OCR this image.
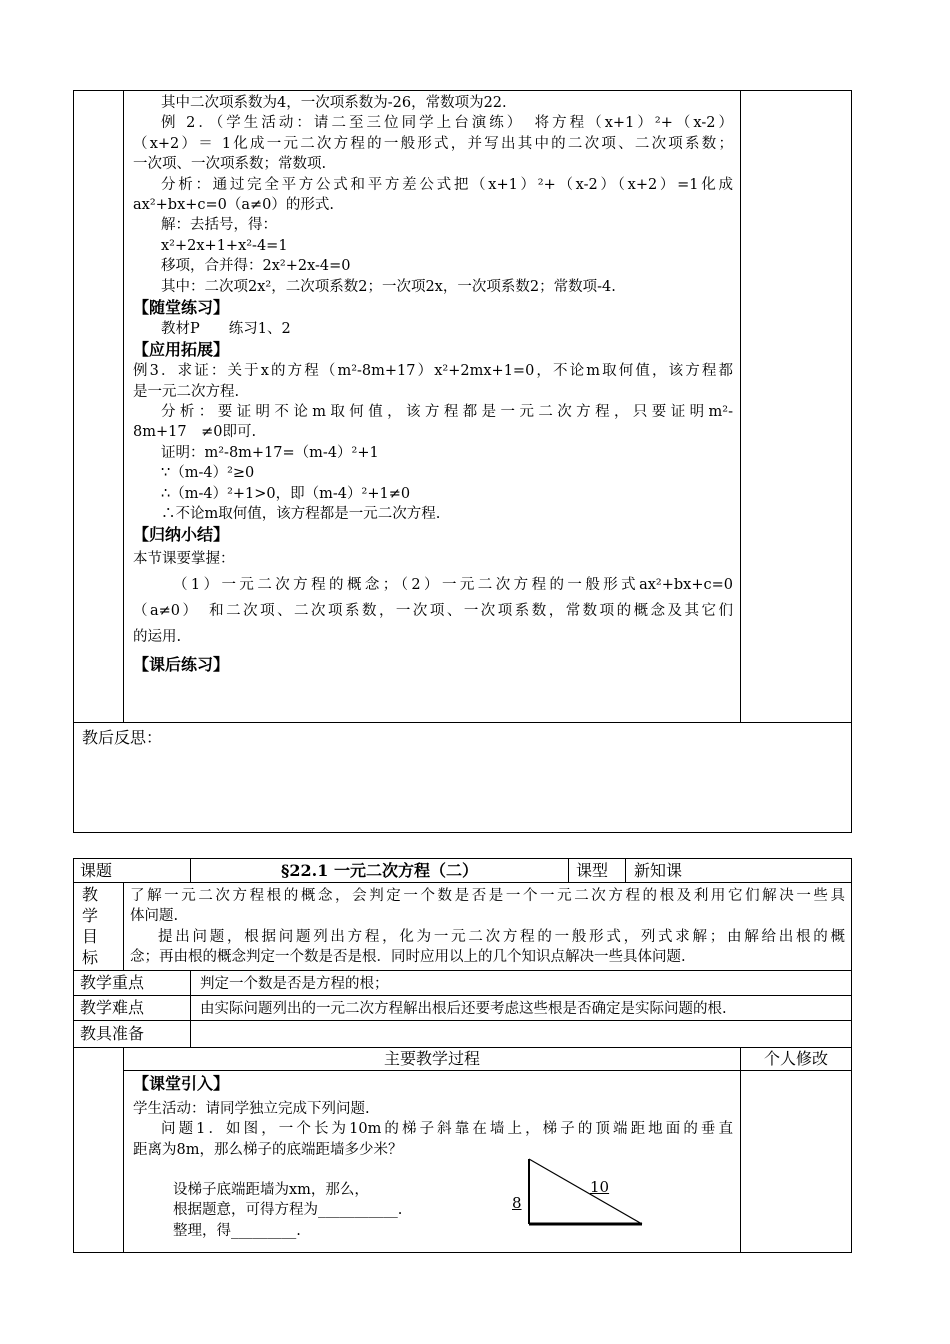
其中二次项系数为4，一次项系数为-26，常数项为22.
例 2．（学生活动：请二至三位同学上台演练）　将方程（x+1）²+（x-2）
（x+2）＝ 1化成一元二次方程的一般形式，并写出其中的二次项、二次项系数；
一次项、一次项系数；常数项.
分析：通过完全平方公式和平方差公式把（x+1）²+（x-2）（x+2）=1化成
ax²+bx+c=0（a≠0）的形式.
解：去括号，得：
x²+2x+1+x²-4=1
移项，合并得：2x²+2x-4=0
其中：二次项2x²，二次项系数2；一次项2x，一次项系数2；常数项-4.
【随堂练习】
教材P　　练习1、2
【应用拓展】
例3．求证：关于x的方程（m²-8m+17）x²+2mx+1=0，不论m取何值，该方程都
是一元二次方程.
分析：要证明不论m取何值，该方程都是一元二次方程，只要证明m²-
8m+17　≠0即可.
证明：m²-8m+17=（m-4）²+1
∵（m-4）²≥0
∴（m-4）²+1>0，即（m-4）²+1≠0
∴不论m取何值，该方程都是一元二次方程.
【归纳小结】
本节课要掌握：
（1）一元二次方程的概念；（2）一元二次方程的一般形式ax²+bx+c=0
（a≠0）　和二次项、二次项系数，一次项、一次项系数，常数项的概念及其它们
的运用.
【课后练习】
教后反思：
课题	§22.1 一元二次方程（二）	课型 新知课
教
学
目
标
了解一元二次方程根的概念，会判定一个数是否是一个一元二次方程的根及利用它们解决一些具
体问题.
提出问题，根据问题列出方程，化为一元二次方程的一般形式，列式求解；由解给出根的概
念；再由根的概念判定一个数是否是根．同时应用以上的几个知识点解决一些具体问题.
教学重点	判定一个数是否是方程的根；
教学难点	由实际问题列出的一元二次方程解出根后还要考虑这些根是否确定是实际问题的根.
教具准备
主要教学过程	个人修改
【课堂引入】
学生活动：请同学独立完成下列问题.
问题1．如图，一个长为10m的梯子斜靠在墙上，梯子的顶端距地面的垂直
距离为8m，那么梯子的底端距墙多少米？
设梯子底端距墙为xm，那么，
根据题意，可得方程为___________.
整理，得_________.
8
10
